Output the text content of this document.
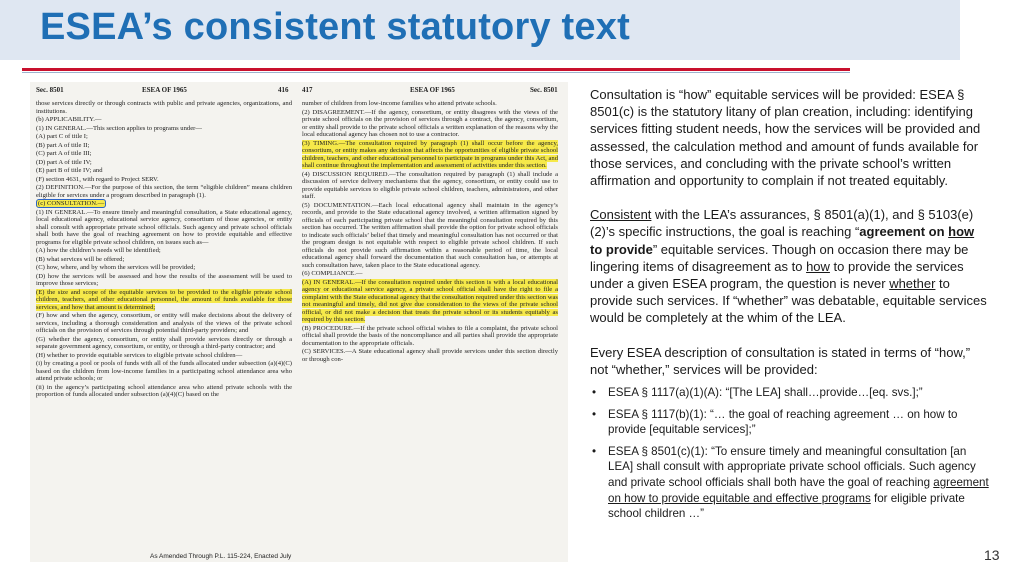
ESEA’s consistent statutory text
Sec. 8501	ESEA OF 1965	416 417	ESEA OF 1965	Sec. 8501

those services directly or through contracts with public and private agencies, organizations, and institutions.

(b) APPLICABILITY.—

(1) IN GENERAL.—This section applies to programs under—

(A) part C of title I;

(B) part A of title II;

(C) part A of title III;

(D) part A of title IV;

(E) part B of title IV; and

(F) section 4631, with regard to Project SERV.

(2) DEFINITION.—For the purpose of this section, the term “eligible children” means children eligible for services under a program described in paragraph (1).

(c) CONSULTATION.—

(1) IN GENERAL.—To ensure timely and meaningful consultation, a State educational agency, local educational agency, educational service agency, consortium of those agencies, or entity shall consult with appropriate private school officials. Such agency and private school officials shall both have the goal of reaching agreement on how to provide equitable and effective programs for eligible private school children, on issues such as—

(A) how the children’s needs will be identified;

(B) what services will be offered;

(C) how, where, and by whom the services will be provided;

(D) how the services will be assessed and how the results of the assessment will be used to improve those services;

(E) the size and scope of the equitable services to be provided to the eligible private school children, teachers, and other educational personnel, the amount of funds available for those services, and how that amount is determined;

(F) how and when the agency, consortium, or entity will make decisions about the delivery of services, including a thorough consideration and analysis of the views of the private school officials on the provision of services through potential third-party providers; and

(G) whether the agency, consortium, or entity shall provide services directly or through a separate government agency, consortium, or entity, or through a third-party contractor; and

(H) whether to provide equitable services to eligible private school children—

(i) by creating a pool or pools of funds with all of the funds allocated under subsection (a)(4)(C) based on the children from low-income families in a participating school attendance area who attend private schools; or

(ii) in the agency’s participating school attendance area who attend private schools with the proportion of funds allocated under subsection (a)(4)(C) based on the

number of children from low-income families who attend private schools.

(2) DISAGREEMENT.—If the agency, consortium, or entity disagrees with the views of the private school officials on the provision of services through a contract, the agency, consortium, or entity shall provide to the private school officials a written explanation of the reasons why the local educational agency has chosen not to use a contractor.

(3) TIMING.—The consultation required by paragraph (1) shall occur before the agency, consortium, or entity makes any decision that affects the opportunities of eligible private school children, teachers, and other educational personnel to participate in programs under this Act, and shall continue throughout the implementation and assessment of activities under this section.

(4) DISCUSSION REQUIRED.—The consultation required by paragraph (1) shall include a discussion of service delivery mechanisms that the agency, consortium, or entity could use to provide equitable services to eligible private school children, teachers, administrators, and other staff.

(5) DOCUMENTATION.—Each local educational agency shall maintain in the agency’s records, and provide to the State educational agency involved, a written affirmation signed by officials of each participating private school that the meaningful consultation required by this section has occurred. The written affirmation shall provide the option for private school officials to indicate such officials’ belief that timely and meaningful consultation has not occurred or that the program design is not equitable with respect to eligible private school children. If such officials do not provide such affirmation within a reasonable period of time, the local educational agency shall forward the documentation that such consultation has, or attempts at such consultation have, taken place to the State educational agency.

(6) COMPLIANCE.—

(A) IN GENERAL.—If the consultation required under this section is with a local educational agency or educational service agency, a private school official shall have the right to file a complaint with the State educational agency that the consultation required under this section was not meaningful and timely, did not give due consideration to the views of the private school official, or did not make a decision that treats the private school or its students equitably as required by this section.

(B) PROCEDURE.—If the private school official wishes to file a complaint, the private school official shall provide the basis of the noncompliance and all parties shall provide the appropriate documentation to the appropriate officials.

(C) SERVICES.—A State educational agency shall provide services under this section directly or through con-

As Amended Through P.L. 115-224, Enacted July

Consultation is “how” equitable services will be provided: ESEA § 8501(c) is the statutory litany of plan creation, including: identifying services fitting student needs, how the services will be provided and assessed, the calculation method and amount of funds available for those services, and concluding with the private school’s written affirmation and opportunity to complain if not treated equitably.

Consistent with the LEA’s assurances, § 8501(a)(1), and § 5103(e)(2)’s specific instructions, the goal is reaching “agreement on how to provide” equitable services. Though on occasion there may be lingering items of disagreement as to how to provide the services under a given ESEA program, the question is never whether to provide such services. If “whether” was debatable, equitable services would be completely at the whim of the LEA.

Every ESEA description of consultation is stated in terms of “how,” not “whether,” services will be provided:

• ESEA § 1117(a)(1)(A): “[The LEA] shall…provide…[eq. svs.];”
• ESEA § 1117(b)(1): “… the goal of reaching agreement … on how to provide [equitable services];”
• ESEA § 8501(c)(1): “To ensure timely and meaningful consultation [an LEA] shall consult with appropriate private school officials. Such agency and private school officials shall both have the goal of reaching agreement on how to provide equitable and effective programs for eligible private school children …”
13
